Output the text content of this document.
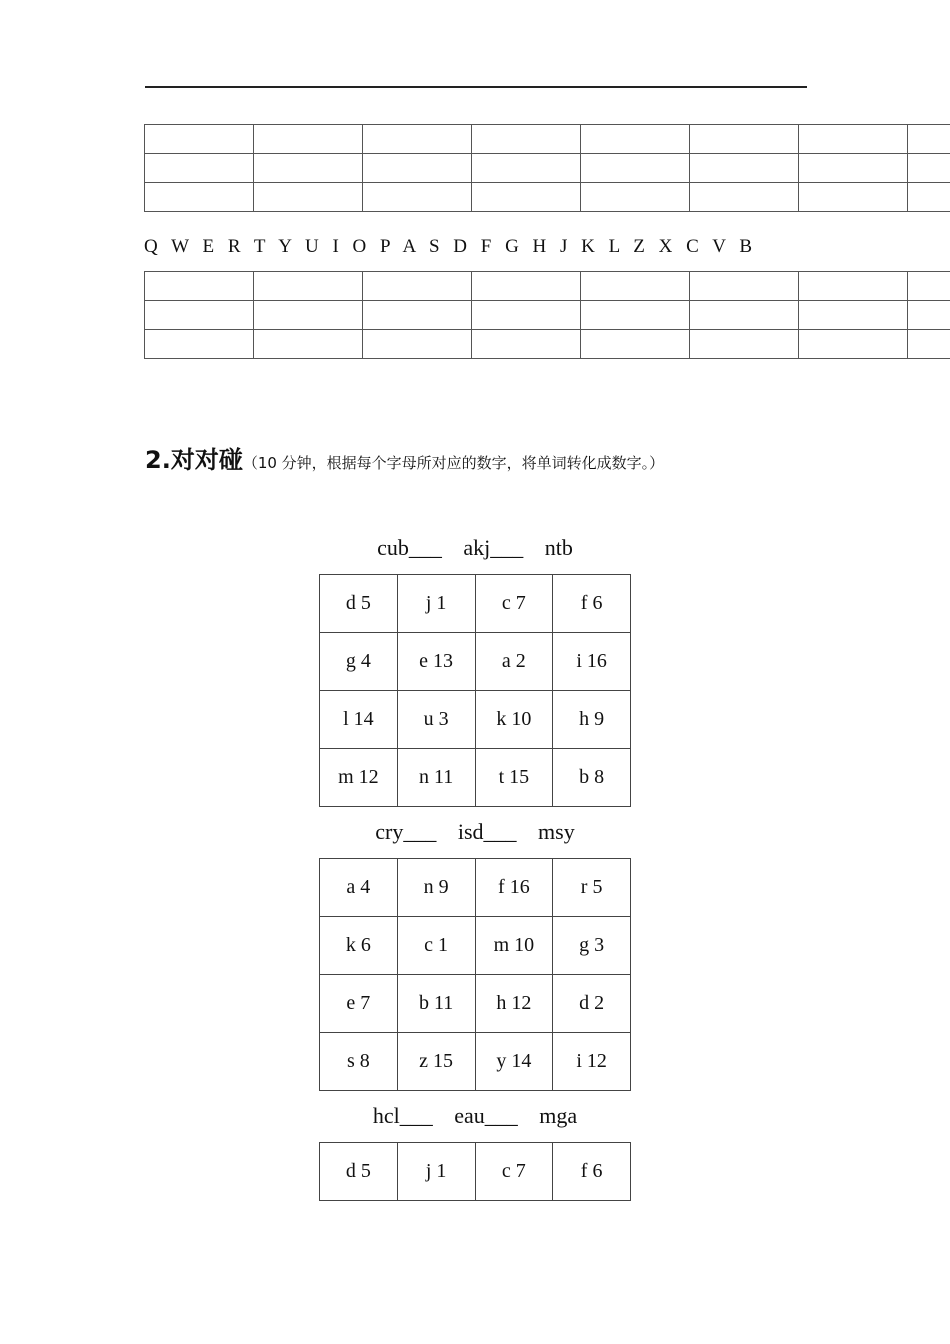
Q W E R T Y U I O P A S D F G H J K L Z X C V B

2.对对碰（10 分钟，根据每个字母所对应的数字，将单词转化成数字。）
cub___ akj___ ntb
d 5	j 1	c 7	f 6
g 4	e 13	a 2	i 16
l 14	u 3	k 10	h 9
m 12	n 11	t 15	b 8
cry___ isd___ msy
a 4	n 9	f 16	r 5
k 6	c 1	m 10	g 3
e 7	b 11	h 12	d 2
s 8	z 15	y 14	i 12
hcl___ eau___ mga
d 5	j 1	c 7	f 6
